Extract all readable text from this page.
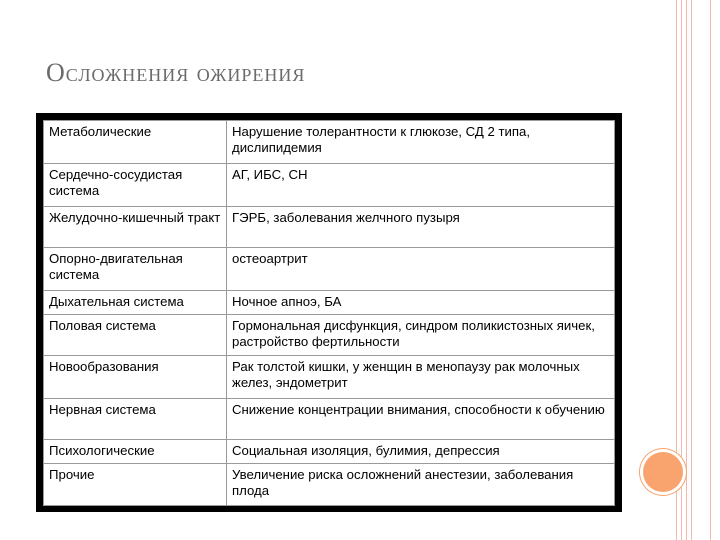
Осложнения ожирения
Метаболические	Нарушение толерантности к глюкозе, СД 2 типа, дислипидемия
Сердечно-сосудистая система	АГ, ИБС, СН
Желудочно-кишечный тракт	ГЭРБ, заболевания желчного пузыря
Опорно-двигательная система	остеоартрит
Дыхательная система	Ночное апноэ, БА
Половая система	Гормональная дисфункция, синдром поликистозных яичек, растройство фертильности
Новообразования	Рак толстой кишки, у женщин в менопаузу рак молочных желез, эндометрит
Нервная система	Снижение концентрации внимания, способности к обучению
Психологические	Социальная изоляция, булимия, депрессия
Прочие	Увеличение риска осложнений анестезии, заболевания плода
